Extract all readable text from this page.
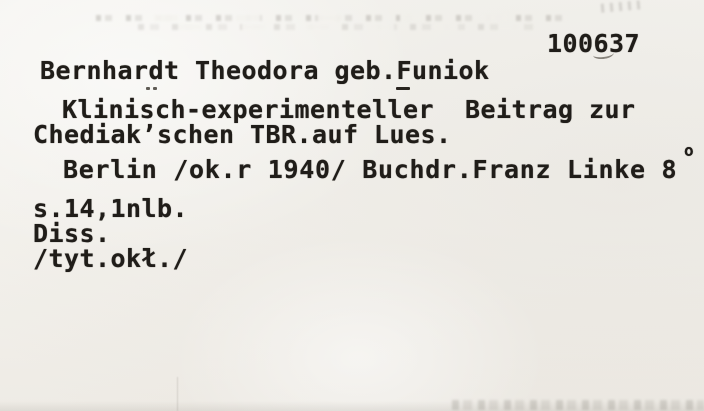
100637
Bernhardt Theodora geb.Funiok
Klinisch-experimenteller  Beitrag zur
Chediak’schen TBR.auf Lues.
Berlin /ok.r 1940/ Buchdr.Franz Linke 8
o
s.14,1nlb.
Diss.
/tyt.okł./
